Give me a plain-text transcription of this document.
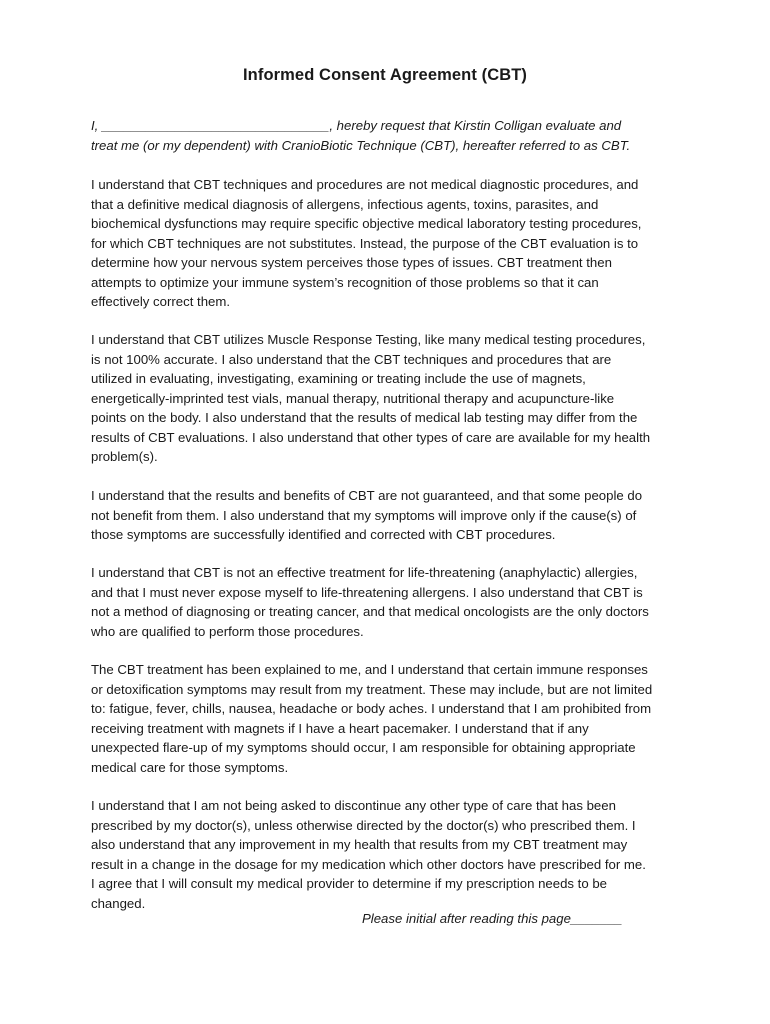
Informed Consent Agreement (CBT)
I, _______________________________, hereby request that Kirstin Colligan evaluate and
treat me (or my dependent) with CranioBiotic Technique (CBT), hereafter referred to as CBT.
I understand that CBT techniques and procedures are not medical diagnostic procedures, and
that a definitive medical diagnosis of allergens, infectious agents, toxins, parasites, and
biochemical dysfunctions may require specific objective medical laboratory testing procedures,
for which CBT techniques are not substitutes. Instead, the purpose of the CBT evaluation is to
determine how your nervous system perceives those types of issues. CBT treatment then
attempts to optimize your immune system’s recognition of those problems so that it can
effectively correct them.
I understand that CBT utilizes Muscle Response Testing, like many medical testing procedures,
is not 100% accurate. I also understand that the CBT techniques and procedures that are
utilized in evaluating, investigating, examining or treating include the use of magnets,
energetically-imprinted test vials, manual therapy, nutritional therapy and acupuncture-like
points on the body. I also understand that the results of medical lab testing may differ from the
results of CBT evaluations. I also understand that other types of care are available for my health
problem(s).
I understand that the results and benefits of CBT are not guaranteed, and that some people do
not benefit from them. I also understand that my symptoms will improve only if the cause(s) of
those symptoms are successfully identified and corrected with CBT procedures.
I understand that CBT is not an effective treatment for life-threatening (anaphylactic) allergies,
and that I must never expose myself to life-threatening allergens. I also understand that CBT is
not a method of diagnosing or treating cancer, and that medical oncologists are the only doctors
who are qualified to perform those procedures.
The CBT treatment has been explained to me, and I understand that certain immune responses
or detoxification symptoms may result from my treatment. These may include, but are not limited
to: fatigue, fever, chills, nausea, headache or body aches. I understand that I am prohibited from
receiving treatment with magnets if I have a heart pacemaker. I understand that if any
unexpected flare-up of my symptoms should occur, I am responsible for obtaining appropriate
medical care for those symptoms.
I understand that I am not being asked to discontinue any other type of care that has been
prescribed by my doctor(s), unless otherwise directed by the doctor(s) who prescribed them. I
also understand that any improvement in my health that results from my CBT treatment may
result in a change in the dosage for my medication which other doctors have prescribed for me.
I agree that I will consult my medical provider to determine if my prescription needs to be
changed.
Please initial after reading this page_______
